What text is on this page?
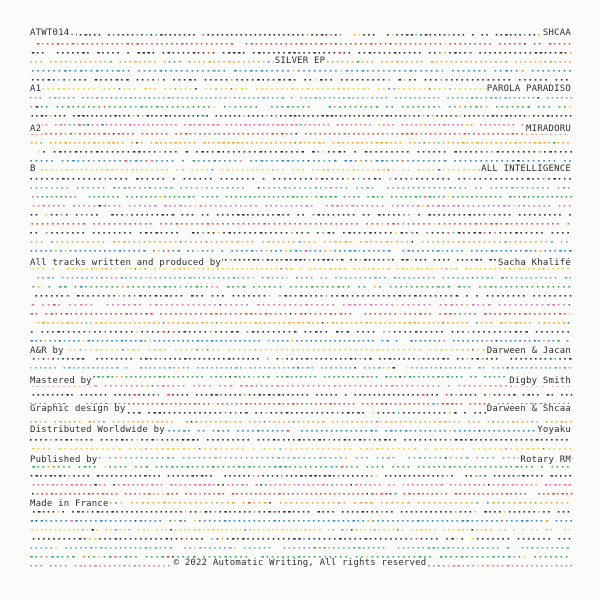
ATWT014.	SHCAA
SILVER EP
A1	PAROLA PARADISO
A2	MIRADORU
B	ALL INTELLIGENCE
All tracks written and produced by	Sacha Khalifé
A&R by	Darween & Jacan
Mastered by	Digby Smith
Graphic design by	Darween & Shcaa
Distributed Worldwide by	Yoyaku
Published by	Rotary RM
Made in France
© 2022 Automatic Writing, All rights reserved
